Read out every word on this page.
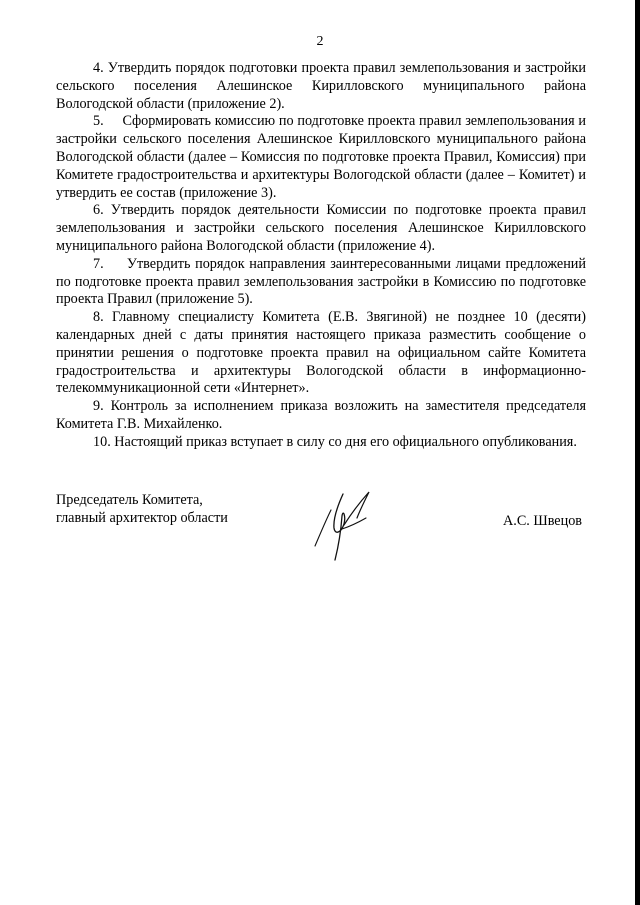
2

4. Утвердить порядок подготовки проекта правил землепользования и застройки сельского поселения Алешинское Кирилловского муниципального района Вологодской области (приложение 2).

5.     Сформировать комиссию по подготовке проекта правил землепользования и застройки сельского поселения Алешинское Кирилловского муниципального района Вологодской области (далее – Комиссия по подготовке проекта Правил, Комиссия) при Комитете градостроительства и архитектуры Вологодской области (далее – Комитет) и утвердить ее состав (приложение 3).

6. Утвердить порядок деятельности Комиссии по подготовке проекта правил землепользования и застройки сельского поселения Алешинское Кирилловского муниципального района Вологодской области (приложение 4).

7.     Утвердить порядок направления заинтересованными лицами предложений по подготовке проекта правил землепользования застройки в Комиссию по подготовке проекта Правил (приложение 5).

8. Главному специалисту Комитета (Е.В. Звягиной) не позднее 10 (десяти) календарных дней с даты принятия настоящего приказа разместить сообщение о принятии решения о подготовке проекта правил на официальном сайте Комитета градостроительства и архитектуры Вологодской области в информационно-телекоммуникационной сети «Интернет».

9. Контроль за исполнением приказа возложить на заместителя председателя Комитета Г.В. Михайленко.

10. Настоящий приказ вступает в силу со дня его официального опубликования.

Председатель Комитета,
главный архитектор области	А.С. Швецов
